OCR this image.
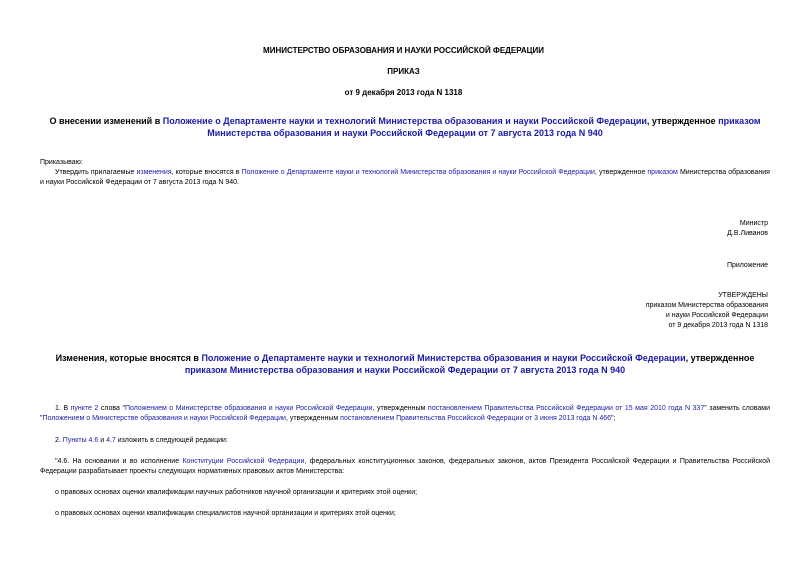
МИНИСТЕРСТВО ОБРАЗОВАНИЯ И НАУКИ РОССИЙСКОЙ ФЕДЕРАЦИИ
ПРИКАЗ
от 9 декабря 2013 года N 1318
О внесении изменений в Положение о Департаменте науки и технологий Министерства образования и науки Российской Федерации, утвержденное приказом
Министерства образования и науки Российской Федерации от 7 августа 2013 года N 940
Приказываю:
Утвердить прилагаемые изменения, которые вносятся в Положение о Департаменте науки и технологий Министерства образования и науки Российской Федерации, утвержденное приказом Министерства образования и науки Российской Федерации от 7 августа 2013 года N 940.
Министр
Д.В.Ливанов
Приложение
УТВЕРЖДЕНЫ
приказом Министерства образования
и науки Российской Федерации
от 9 декабря 2013 года N 1318
Изменения, которые вносятся в Положение о Департаменте науки и технологий Министерства образования и науки Российской Федерации, утвержденное
приказом Министерства образования и науки Российской Федерации от 7 августа 2013 года N 940
1. В пункте 2 слова "Положением о Министерстве образования и науки Российской Федерации, утвержденным постановлением Правительства Российской Федерации от 15 мая 2010 года N 337" заменить словами "Положением о Министерстве образования и науки Российской Федерации, утвержденным постановлением Правительства Российской Федерации от 3 июня 2013 года N 466";
2. Пункты 4.6 и 4.7 изложить в следующей редакции:
"4.6. На основании и во исполнение Конституции Российской Федерации, федеральных конституционных законов, федеральных законов, актов Президента Российской Федерации и Правительства Российской Федерации разрабатывает проекты следующих нормативных правовых актов Министерства:
о правовых основах оценки квалификации научных работников научной организации и критериях этой оценки;
о правовых основах оценки квалификации специалистов научной организации и критериях этой оценки;
